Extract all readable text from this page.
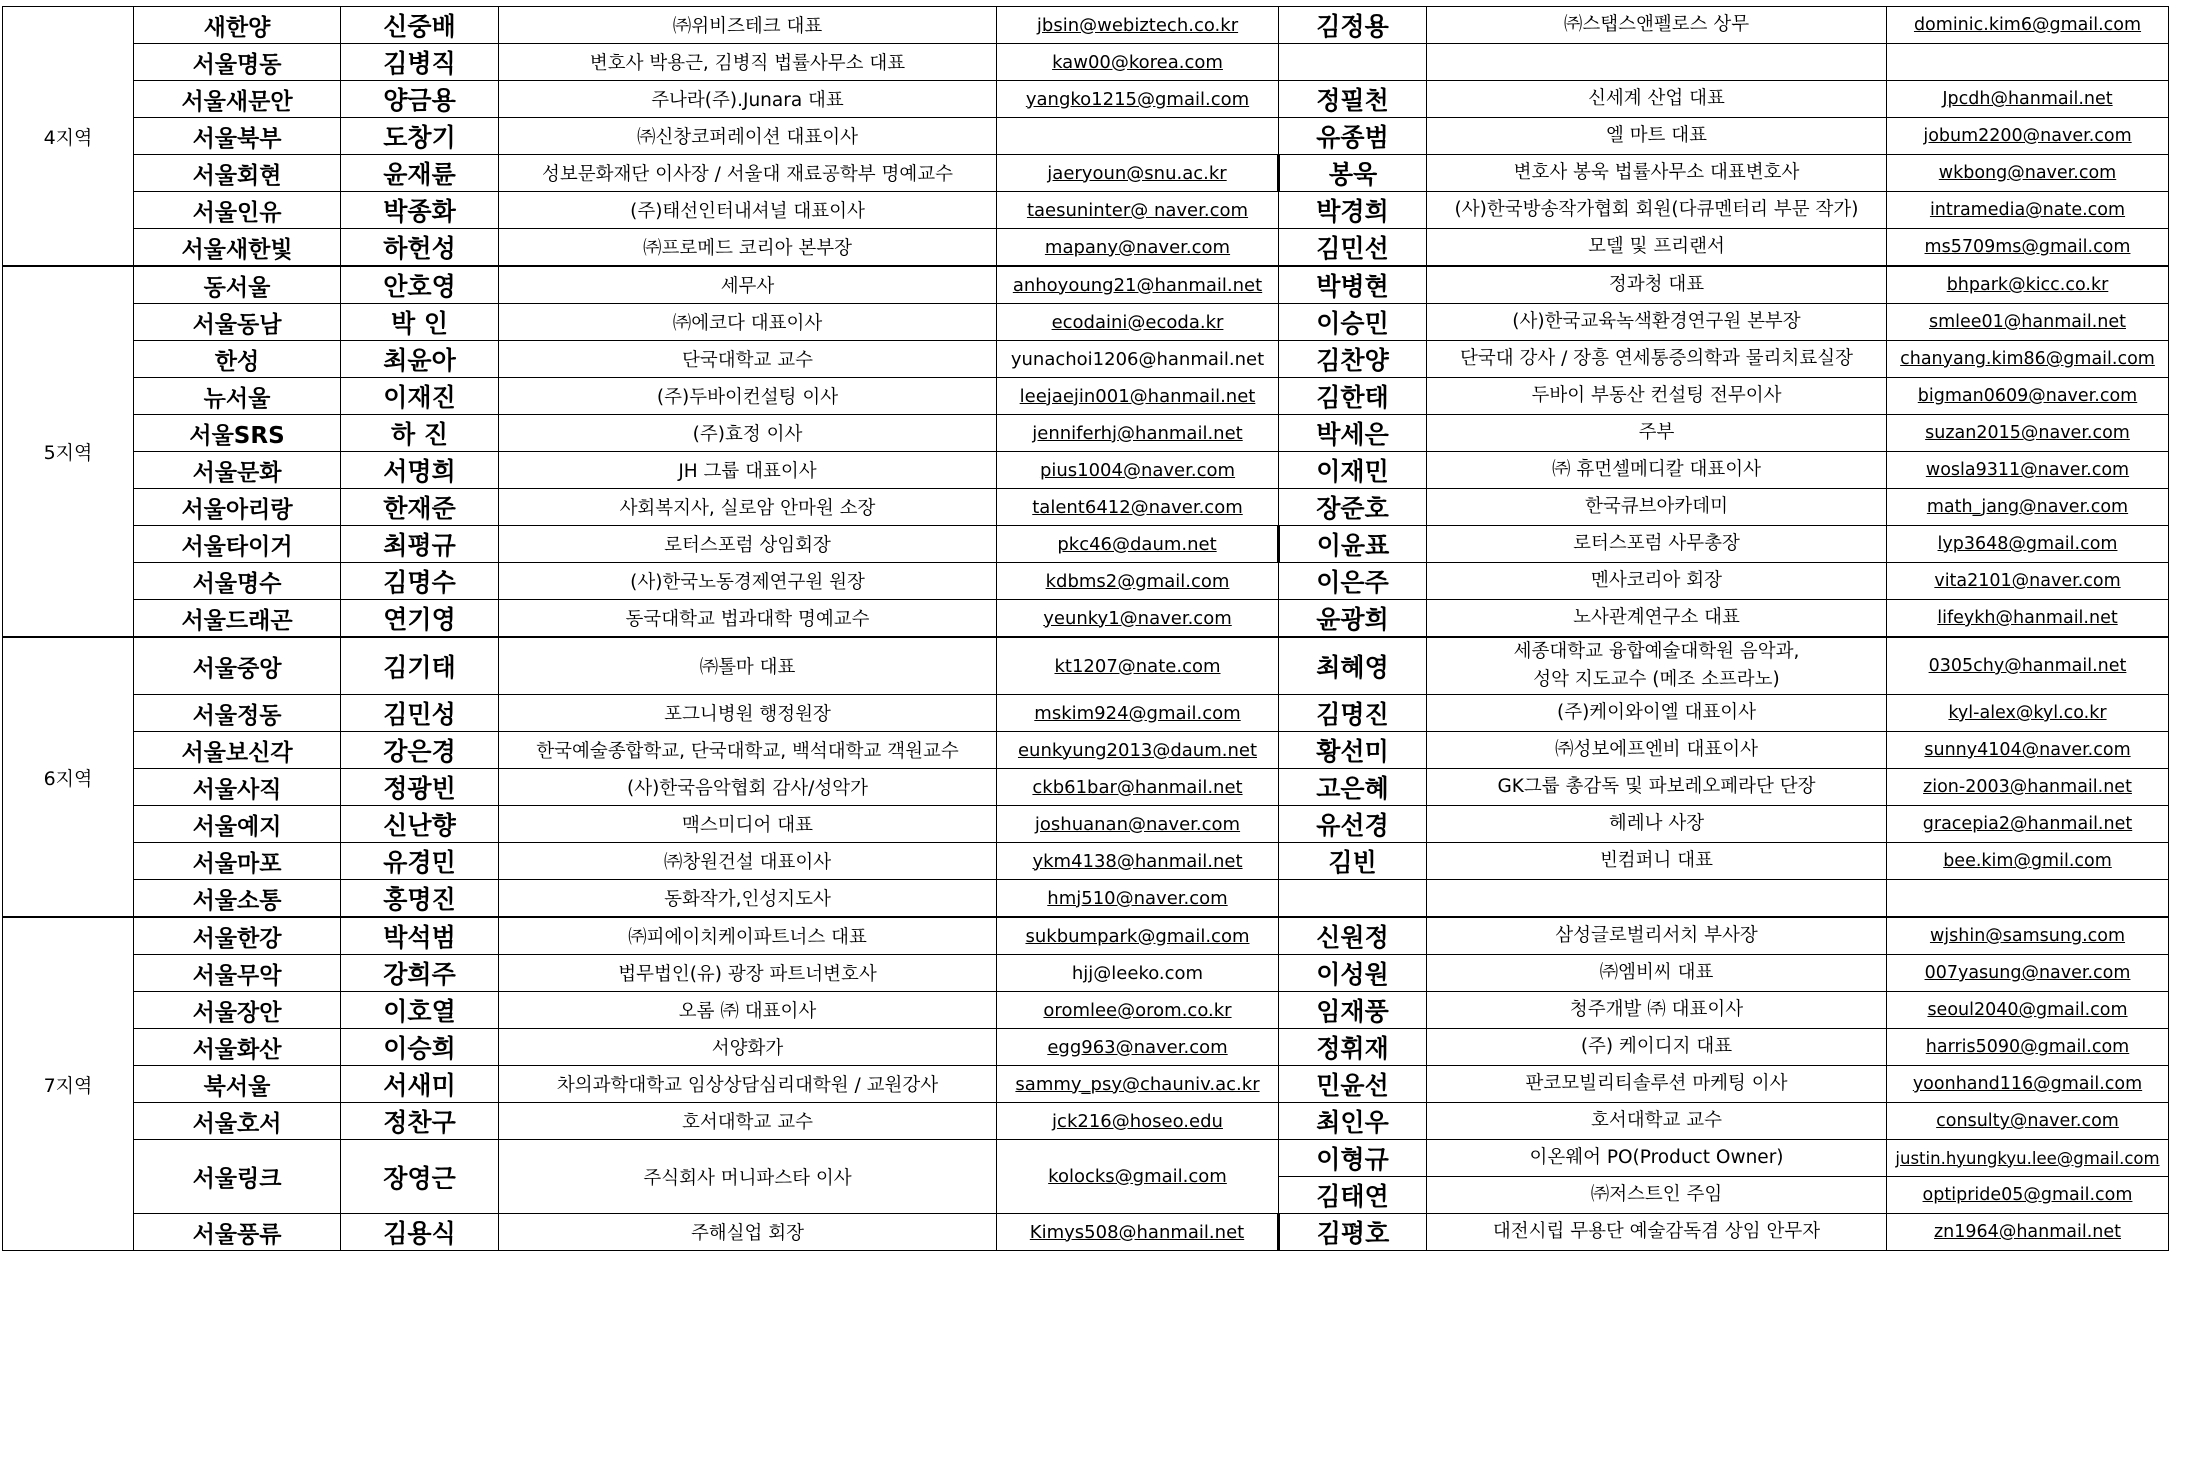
4지역	새한양	신중배	㈜위비즈테크 대표	jbsin@webiztech.co.kr	김정용	㈜스탭스앤펠로스 상무	dominic.kim6@gmail.com
	서울명동	김병직	변호사 박용근, 김병직 법률사무소 대표	kaw00@korea.com			
	서울새문안	양금용	주나라(주).Junara 대표	yangko1215@gmail.com	정필천	신세계 산업 대표	Jpcdh@hanmail.net
	서울북부	도창기	㈜신창코퍼레이션 대표이사		유종범	엘 마트 대표	jobum2200@naver.com
	서울회현	윤재륜	성보문화재단 이사장 / 서울대 재료공학부 명예교수	jaeryoun@snu.ac.kr	봉욱	변호사 봉욱 법률사무소 대표변호사	wkbong@naver.com
	서울인유	박종화	(주)태선인터내셔널 대표이사	taesuninter@ naver.com	박경희	(사)한국방송작가협회 회원(다큐멘터리 부문 작가)	intramedia@nate.com
	서울새한빛	하헌성	㈜프로메드 코리아 본부장	mapany@naver.com	김민선	모델 및 프리랜서	ms5709ms@gmail.com
5지역	동서울	안호영	세무사	anhoyoung21@hanmail.net	박병현	정과청 대표	bhpark@kicc.co.kr
	서울동남	박 인	㈜에코다 대표이사	ecodaini@ecoda.kr	이승민	(사)한국교육녹색환경연구원 본부장	smlee01@hanmail.net
	한성	최윤아	단국대학교 교수	yunachoi1206@hanmail.net	김찬양	단국대 강사 / 장흥 연세통증의학과 물리치료실장	chanyang.kim86@gmail.com
	뉴서울	이재진	(주)두바이컨설팅 이사	leejaejin001@hanmail.net	김한태	두바이 부동산 컨설팅 전무이사	bigman0609@naver.com
	서울SRS	하 진	(주)효정 이사	jenniferhj@hanmail.net	박세은	주부	suzan2015@naver.com
	서울문화	서명희	JH 그룹 대표이사	pius1004@naver.com	이재민	㈜ 휴먼셀메디칼 대표이사	wosla9311@naver.com
	서울아리랑	한재준	사회복지사, 실로암 안마원 소장	talent6412@naver.com	장준호	한국큐브아카데미	math_jang@naver.com
	서울타이거	최평규	로터스포럼 상임회장	pkc46@daum.net	이윤표	로터스포럼 사무총장	lyp3648@gmail.com
	서울명수	김명수	(사)한국노동경제연구원 원장	kdbms2@gmail.com	이은주	멘사코리아 회장	vita2101@naver.com
	서울드래곤	연기영	동국대학교 법과대학 명예교수	yeunky1@naver.com	윤광희	노사관계연구소 대표	lifeykh@hanmail.net
6지역	서울중앙	김기태	㈜톨마 대표	kt1207@nate.com	최혜영	세종대학교 융합예술대학원 음악과,
성악 지도교수 (메조 소프라노)	0305chy@hanmail.net
	서울정동	김민성	포그니병원 행정원장	mskim924@gmail.com	김명진	(주)케이와이엘 대표이사	kyl-alex@kyl.co.kr
	서울보신각	강은경	한국예술종합학교, 단국대학교, 백석대학교 객원교수	eunkyung2013@daum.net	황선미	㈜성보에프엔비 대표이사	sunny4104@naver.com
	서울사직	정광빈	(사)한국음악협회 감사/성악가	ckb61bar@hanmail.net	고은혜	GK그룹 총감독 및 파보레오페라단 단장	zion-2003@hanmail.net
	서울예지	신난향	맥스미디어 대표	joshuanan@naver.com	유선경	헤레나 사장	gracepia2@hanmail.net
	서울마포	유경민	㈜창원건설 대표이사	ykm4138@hanmail.net	김빈	빈컴퍼니 대표	bee.kim@gmil.com
	서울소통	홍명진	동화작가,인성지도사	hmj510@naver.com			
7지역	서울한강	박석범	㈜피에이치케이파트너스 대표	sukbumpark@gmail.com	신원정	삼성글로벌리서치 부사장	wjshin@samsung.com
	서울무악	강희주	법무법인(유) 광장 파트너변호사	hjj@leeko.com	이성원	㈜엠비씨 대표	007yasung@naver.com
	서울장안	이호열	오롬 ㈜ 대표이사	oromlee@orom.co.kr	임재풍	청주개발 ㈜ 대표이사	seoul2040@gmail.com
	서울화산	이승희	서양화가	egg963@naver.com	정휘재	(주) 케이디지 대표	harris5090@gmail.com
	북서울	서새미	차의과학대학교 임상상담심리대학원 / 교원강사	sammy_psy@chauniv.ac.kr	민윤선	판코모빌리티솔루션 마케팅 이사	yoonhand116@gmail.com
	서울호서	정찬구	호서대학교 교수	jck216@hoseo.edu	최인우	호서대학교 교수	consulty@naver.com
	서울링크	장영근	주식회사 머니파스타 이사	kolocks@gmail.com	이형규	이온웨어 PO(Product Owner)	justin.hyungkyu.lee@gmail.com
					김태연	㈜저스트인 주임	optipride05@gmail.com
	서울풍류	김용식	주해실업 회장	Kimys508@hanmail.net	김평호	대전시립 무용단 예술감독겸 상임 안무자	zn1964@hanmail.net
